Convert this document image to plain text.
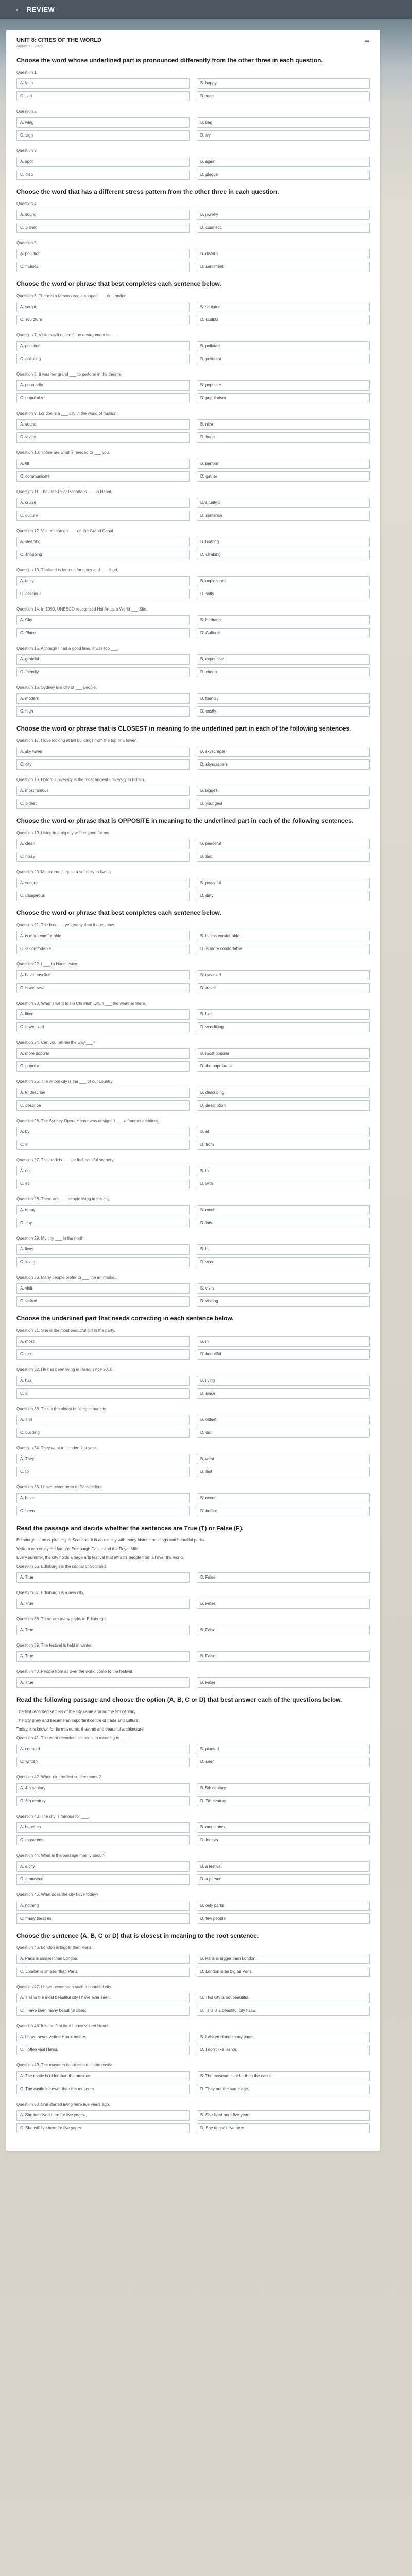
← REVIEW
UNIT 8: CITIES OF THE WORLD
August 13, 2025
➦
Choose the word whose underlined part is pronounced differently from the other three in each question.
Question 1.
A. faith	B. happy
C. sad	D. map
Question 2.
A. wing	B. bag
C. sigh	D. ivy
Question 3.
A. spot	B. again
C. clap	D. plague
Choose the word that has a different stress pattern from the other three in each question.
Question 4.
A. sound	B. jewelry
C. planet	D. cosmetic
Question 5.
A. pollution	B. disturb
C. musical	D. sentiment
Choose the word or phrase that best completes each sentence below.
Question 6. There is a famous eagle-shaped ___ on London.
A. sculpt	B. sculpted
C. sculpture	D. sculpts
Question 7. Visitors will notice if the environment is ___.
A. pollution	B. polluted
C. polluting	D. pollutant
Question 8. It was her grand ___ to perform in the theatre.
A. popularity	B. populate
C. popularize	D. popularism
Question 9. London is a ___ city in the world of fashion.
A. sound	B. nice
C. lovely	D. huge
Question 10. Those are what is needed to ___ you.
A. fill	B. perform
C. communicate	D. gather
Question 11. The One-Pillar Pagoda is ___ in Hanoi.
A. cruise	B. situated
C. culture	D. sentence
Question 12. Visitors can go ___ on the Grand Canal.
A. sleeping	B. boating
C. shopping	D. climbing
Question 13. Thailand is famous for spicy and ___ food.
A. tasty	B. unpleasant
C. delicious	D. salty
Question 14. In 1999, UNESCO recognized Hoi An as a World ___ Site.
A. City	B. Heritage
C. Place	D. Cultural
Question 15. Although I had a good time, it was too ___.
A. grateful	B. expensive
C. friendly	D. cheap
Question 16. Sydney is a city of ___ people.
A. modern	B. friendly
C. high	D. costly
Choose the word or phrase that is CLOSEST in meaning to the underlined part in each of the following sentences.
Question 17. I love looking at tall buildings from the top of a tower.
A. sky tower	B. skyscraper
C. city	D. skyscrapers
Question 18. Oxford University is the most ancient university in Britain.
A. most famous	B. biggest
C. oldest	D. youngest
Choose the word or phrase that is OPPOSITE in meaning to the underlined part in each of the following sentences.
Question 19. Living in a big city will be good for me.
A. clean	B. peaceful
C. noisy	D. bad
Question 20. Melbourne is quite a safe city to live in.
A. secure	B. peaceful
C. dangerous	D. dirty
Choose the word or phrase that best completes each sentence below.
Question 21. The bus ___ yesterday than it does now.
A. is more comfortable	B. is less comfortable
C. is comfortable	D. is more comfortable
Question 22. I ___ to Hanoi twice.
A. have travelled	B. travelled
C. have travel	D. travel
Question 23. When I went to Ho Chi Minh City, I ___ the weather there.
A. liked	B. like
C. have liked	D. was liking
Question 24. Can you tell me the way ___?
A. more popular	B. most popular
C. popular	D. the popularest
Question 25. The whole city is the ___ of our country.
A. to describe	B. describing
C. describe	D. description
Question 26. The Sydney Opera House was designed ___ a famous architect.
A. by	B. at
C. in	D. from
Question 27. This park is ___ for its beautiful scenery.
A. not	B. in
C. so	D. with
Question 28. There are ___ people living in the city.
A. many	B. much
C. any	D. lots
Question 29. My city ___ in the north.
A. lives	B. is
C. loves	D. was
Question 30. Many people prefer to ___ the art market.
A. visit	B. visits
C. visited	D. visiting
Choose the underlined part that needs correcting in each sentence below.
Question 31. She is the most beautiful girl in the party.
A. most	B. in
C. the	D. beautiful
Question 32. He has been living in Hanoi since 2010.
A. has	B. living
C. in	D. since
Question 33. This is the oldest building in our city.
A. This	B. oldest
C. building	D. our
Question 34. They went to London last year.
A. They	B. went
C. to	D. last
Question 35. I have never been to Paris before.
A. have	B. never
C. been	D. before
Read the passage and decide whether the sentences are True (T) or False (F).

Edinburgh is the capital city of Scotland. It is an old city with many historic buildings and beautiful parks.

Visitors can enjoy the famous Edinburgh Castle and the Royal Mile.

Every summer, the city holds a large arts festival that attracts people from all over the world.

Question 36. Edinburgh is the capital of Scotland.
A. True	B. False
Question 37. Edinburgh is a new city.
A. True	B. False
Question 38. There are many parks in Edinburgh.
A. True	B. False
Question 39. The festival is held in winter.
A. True	B. False
Question 40. People from all over the world come to the festival.
A. True	B. False
Read the following passage and choose the option (A, B, C or D) that best answer each of the questions below.

The first recorded settlers of the city came around the 5th century.

The city grew and became an important centre of trade and culture.

Today, it is known for its museums, theatres and beautiful architecture.

Question 41. The word recorded is closest in meaning to ___.
A. counted	B. planted
C. written	D. seen
Question 42. When did the first settlers come?
A. 4th century	B. 5th century
C. 6th century	D. 7th century
Question 43. The city is famous for ___.
A. beaches	B. mountains
C. museums	D. forests
Question 44. What is the passage mainly about?
A. a city	B. a festival
C. a museum	D. a person
Question 45. What does the city have today?
A. nothing	B. only parks
C. many theatres	D. few people
Choose the sentence (A, B, C or D) that is closest in meaning to the root sentence.
Question 46. London is bigger than Paris.
A. Paris is smaller than London.	B. Paris is bigger than London.
C. London is smaller than Paris.	D. London is as big as Paris.
Question 47. I have never seen such a beautiful city.
A. This is the most beautiful city I have ever seen.	B. This city is not beautiful.
C. I have seen many beautiful cities.	D. This is a beautiful city I saw.
Question 48. It is the first time I have visited Hanoi.
A. I have never visited Hanoi before.	B. I visited Hanoi many times.
C. I often visit Hanoi.	D. I don't like Hanoi.
Question 49. The museum is not as old as the castle.
A. The castle is older than the museum.	B. The museum is older than the castle.
C. The castle is newer than the museum.	D. They are the same age.
Question 50. She started living here five years ago.
A. She has lived here for five years.	B. She lived here five years.
C. She will live here for five years.	D. She doesn't live here.
